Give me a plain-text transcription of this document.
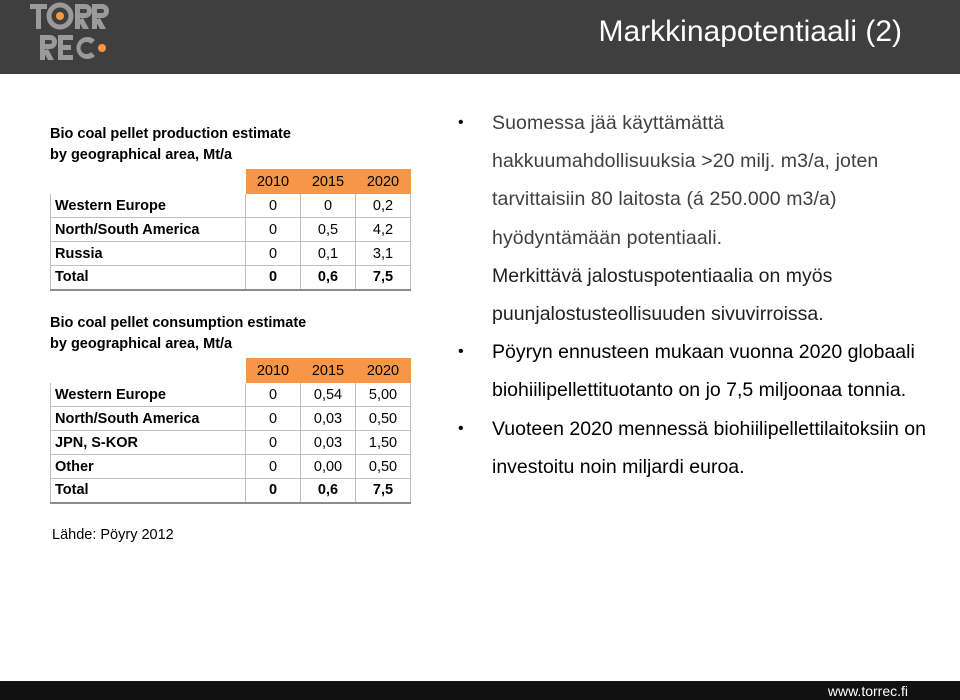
Markkinapotentiaali (2)
Bio coal pellet production estimate
by geographical area, Mt/a
	2010	2015	2020
Western Europe	0	0	0,2
North/South America	0	0,5	4,2
Russia	0	0,1	3,1
Total	0	0,6	7,5
Bio coal pellet consumption estimate
by geographical area, Mt/a
	2010	2015	2020
Western Europe	0	0,54	5,00
North/South America	0	0,03	0,50
JPN, S-KOR	0	0,03	1,50
Other	0	0,00	0,50
Total	0	0,6	7,5
Lähde: Pöyry 2012
• Suomessa jää käyttämättä hakkuumahdollisuuksia >20 milj. m3/a, joten tarvittaisiin 80 laitosta (á 250.000 m3/a) hyödyntämään potentiaali.
Merkittävä jalostuspotentiaalia on myös puunjalostusteollisuuden sivuvirroissa.
• Pöyryn ennusteen mukaan vuonna 2020 globaali biohiilipellettituotanto on jo 7,5 miljoonaa tonnia.
• Vuoteen 2020 mennessä biohiilipellettilaitoksiin on investoitu noin miljardi euroa.
www.torrec.fi
